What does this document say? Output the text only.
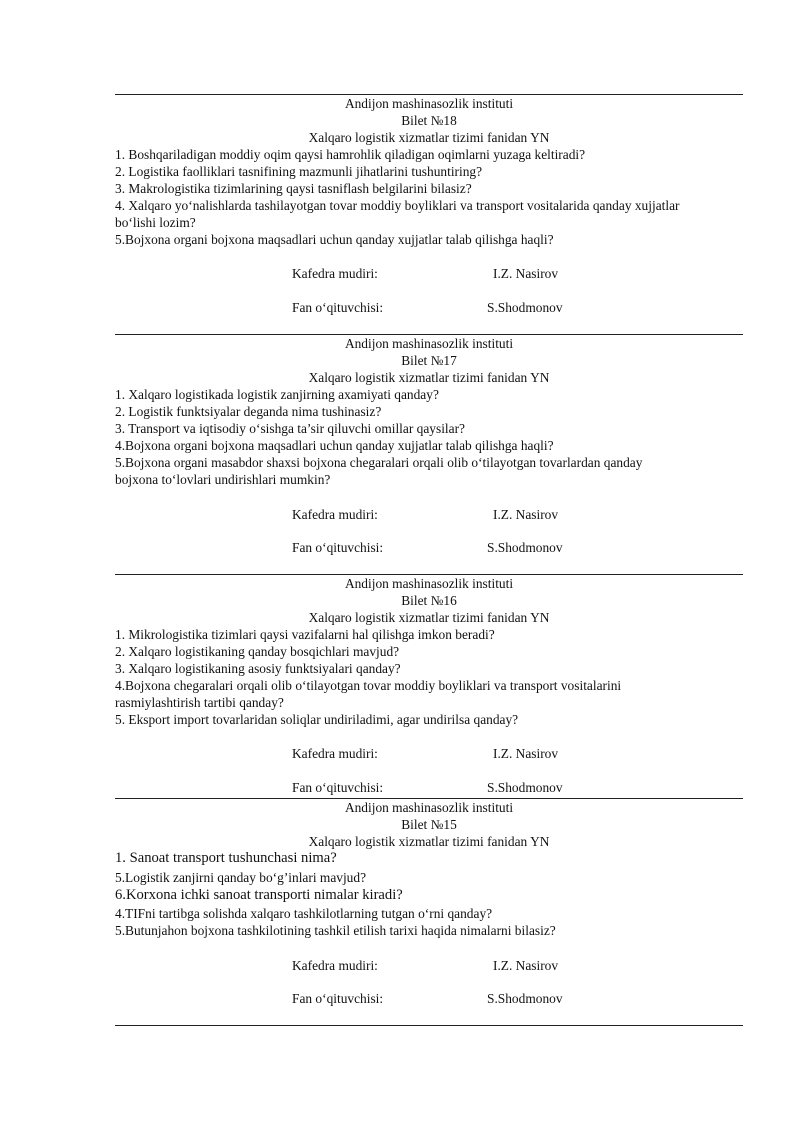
Andijon mashinasozlik instituti
Bilet №18
Xalqaro logistik xizmatlar tizimi fanidan YN
1. Boshqariladigan moddiy oqim qaysi hamrohlik qiladigan oqimlarni yuzaga keltiradi?
2. Logistika faolliklari tasnifining mazmunli jihatlarini tushuntiring?
3. Makrologistika tizimlarining qaysi tasniflash belgilarini bilasiz?
4. Xalqaro yo‘nalishlarda tashilayotgan tovar moddiy boyliklari va transport vositalarida qanday xujjatlar
bo‘lishi lozim?
5.Bojxona organi bojxona maqsadlari uchun qanday xujjatlar talab qilishga haqli?
Kafedra mudiri:	I.Z. Nasirov
Fan o‘qituvchisi:	S.Shodmonov
Andijon mashinasozlik instituti
Bilet №17
Xalqaro logistik xizmatlar tizimi fanidan YN
1. Xalqaro logistikada logistik zanjirning axamiyati qanday?
2. Logistik funktsiyalar deganda nima tushinasiz?
3. Transport va iqtisodiy o‘sishga ta’sir qiluvchi omillar qaysilar?
4.Bojxona organi bojxona maqsadlari uchun qanday xujjatlar talab qilishga haqli?
5.Bojxona organi masabdor shaxsi bojxona chegaralari orqali olib o‘tilayotgan tovarlardan qanday
bojxona to‘lovlari undirishlari mumkin?
Kafedra mudiri:	I.Z. Nasirov
Fan o‘qituvchisi:	S.Shodmonov
Andijon mashinasozlik instituti
Bilet №16
Xalqaro logistik xizmatlar tizimi fanidan YN
1. Mikrologistika tizimlari qaysi vazifalarni hal qilishga imkon beradi?
2. Xalqaro logistikaning qanday bosqichlari mavjud?
3. Xalqaro logistikaning asosiy funktsiyalari qanday?
4.Bojxona chegaralari orqali olib o‘tilayotgan tovar moddiy boyliklari va transport vositalarini
rasmiylashtirish tartibi qanday?
5. Eksport import tovarlaridan soliqlar undiriladimi, agar undirilsa qanday?
Kafedra mudiri:	I.Z. Nasirov
Fan o‘qituvchisi:	S.Shodmonov
Andijon mashinasozlik instituti
Bilet №15
Xalqaro logistik xizmatlar tizimi fanidan YN
1. Sanoat transport tushunchasi nima?
5.Logistik zanjirni qanday bo‘g’inlari mavjud?
6.Korxona ichki sanoat transporti nimalar kiradi?
4.TIFni tartibga solishda xalqaro tashkilotlarning tutgan o‘rni qanday?
5.Butunjahon bojxona tashkilotining tashkil etilish tarixi haqida nimalarni bilasiz?
Kafedra mudiri:	I.Z. Nasirov
Fan o‘qituvchisi:	S.Shodmonov
